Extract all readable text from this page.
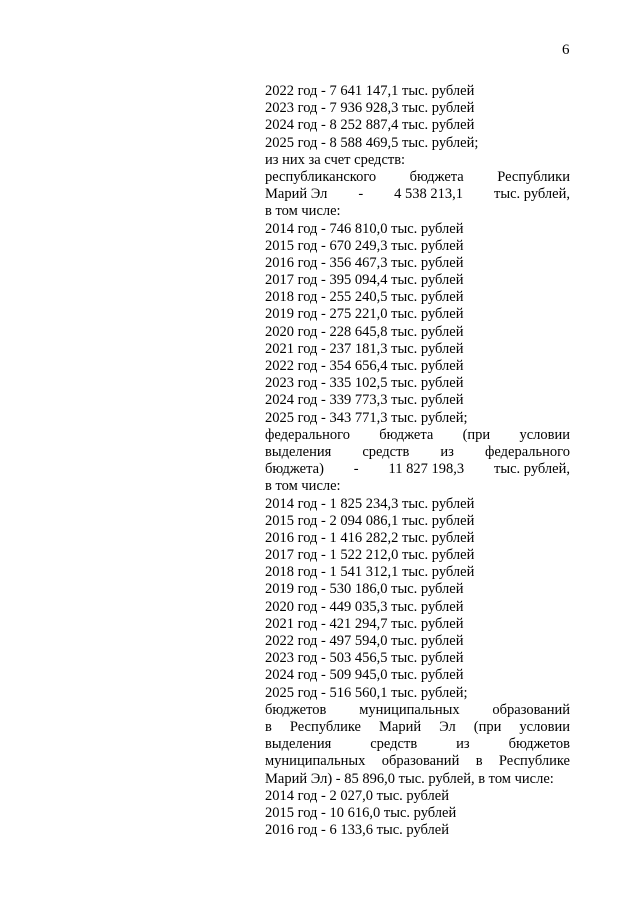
6
2022 год - 7 641 147,1 тыс. рублей
2023 год - 7 936 928,3 тыс. рублей
2024 год - 8 252 887,4 тыс. рублей
2025 год - 8 588 469,5 тыс. рублей;
из них за счет средств:
республиканского бюджета Республики
Марий Эл - 4 538 213,1 тыс. рублей,
в том числе:
2014 год - 746 810,0 тыс. рублей
2015 год - 670 249,3 тыс. рублей
2016 год - 356 467,3 тыс. рублей
2017 год - 395 094,4 тыс. рублей
2018 год - 255 240,5 тыс. рублей
2019 год - 275 221,0 тыс. рублей
2020 год - 228 645,8 тыс. рублей
2021 год - 237 181,3 тыс. рублей
2022 год - 354 656,4 тыс. рублей
2023 год - 335 102,5 тыс. рублей
2024 год - 339 773,3 тыс. рублей
2025 год - 343 771,3 тыс. рублей;
федерального бюджета (при условии
выделения средств из федерального
бюджета) - 11 827 198,3 тыс. рублей,
в том числе:
2014 год - 1 825 234,3 тыс. рублей
2015 год - 2 094 086,1 тыс. рублей
2016 год - 1 416 282,2 тыс. рублей
2017 год - 1 522 212,0 тыс. рублей
2018 год - 1 541 312,1 тыс. рублей
2019 год - 530 186,0 тыс. рублей
2020 год - 449 035,3 тыс. рублей
2021 год - 421 294,7 тыс. рублей
2022 год - 497 594,0 тыс. рублей
2023 год - 503 456,5 тыс. рублей
2024 год - 509 945,0 тыс. рублей
2025 год - 516 560,1 тыс. рублей;
бюджетов муниципальных образований
в Республике Марий Эл (при условии
выделения	средств	из	бюджетов
муниципальных образований в Республике
Марий Эл) - 85 896,0 тыс. рублей, в том числе:
2014 год - 2 027,0 тыс. рублей
2015 год - 10 616,0 тыс. рублей
2016 год - 6 133,6 тыс. рублей
